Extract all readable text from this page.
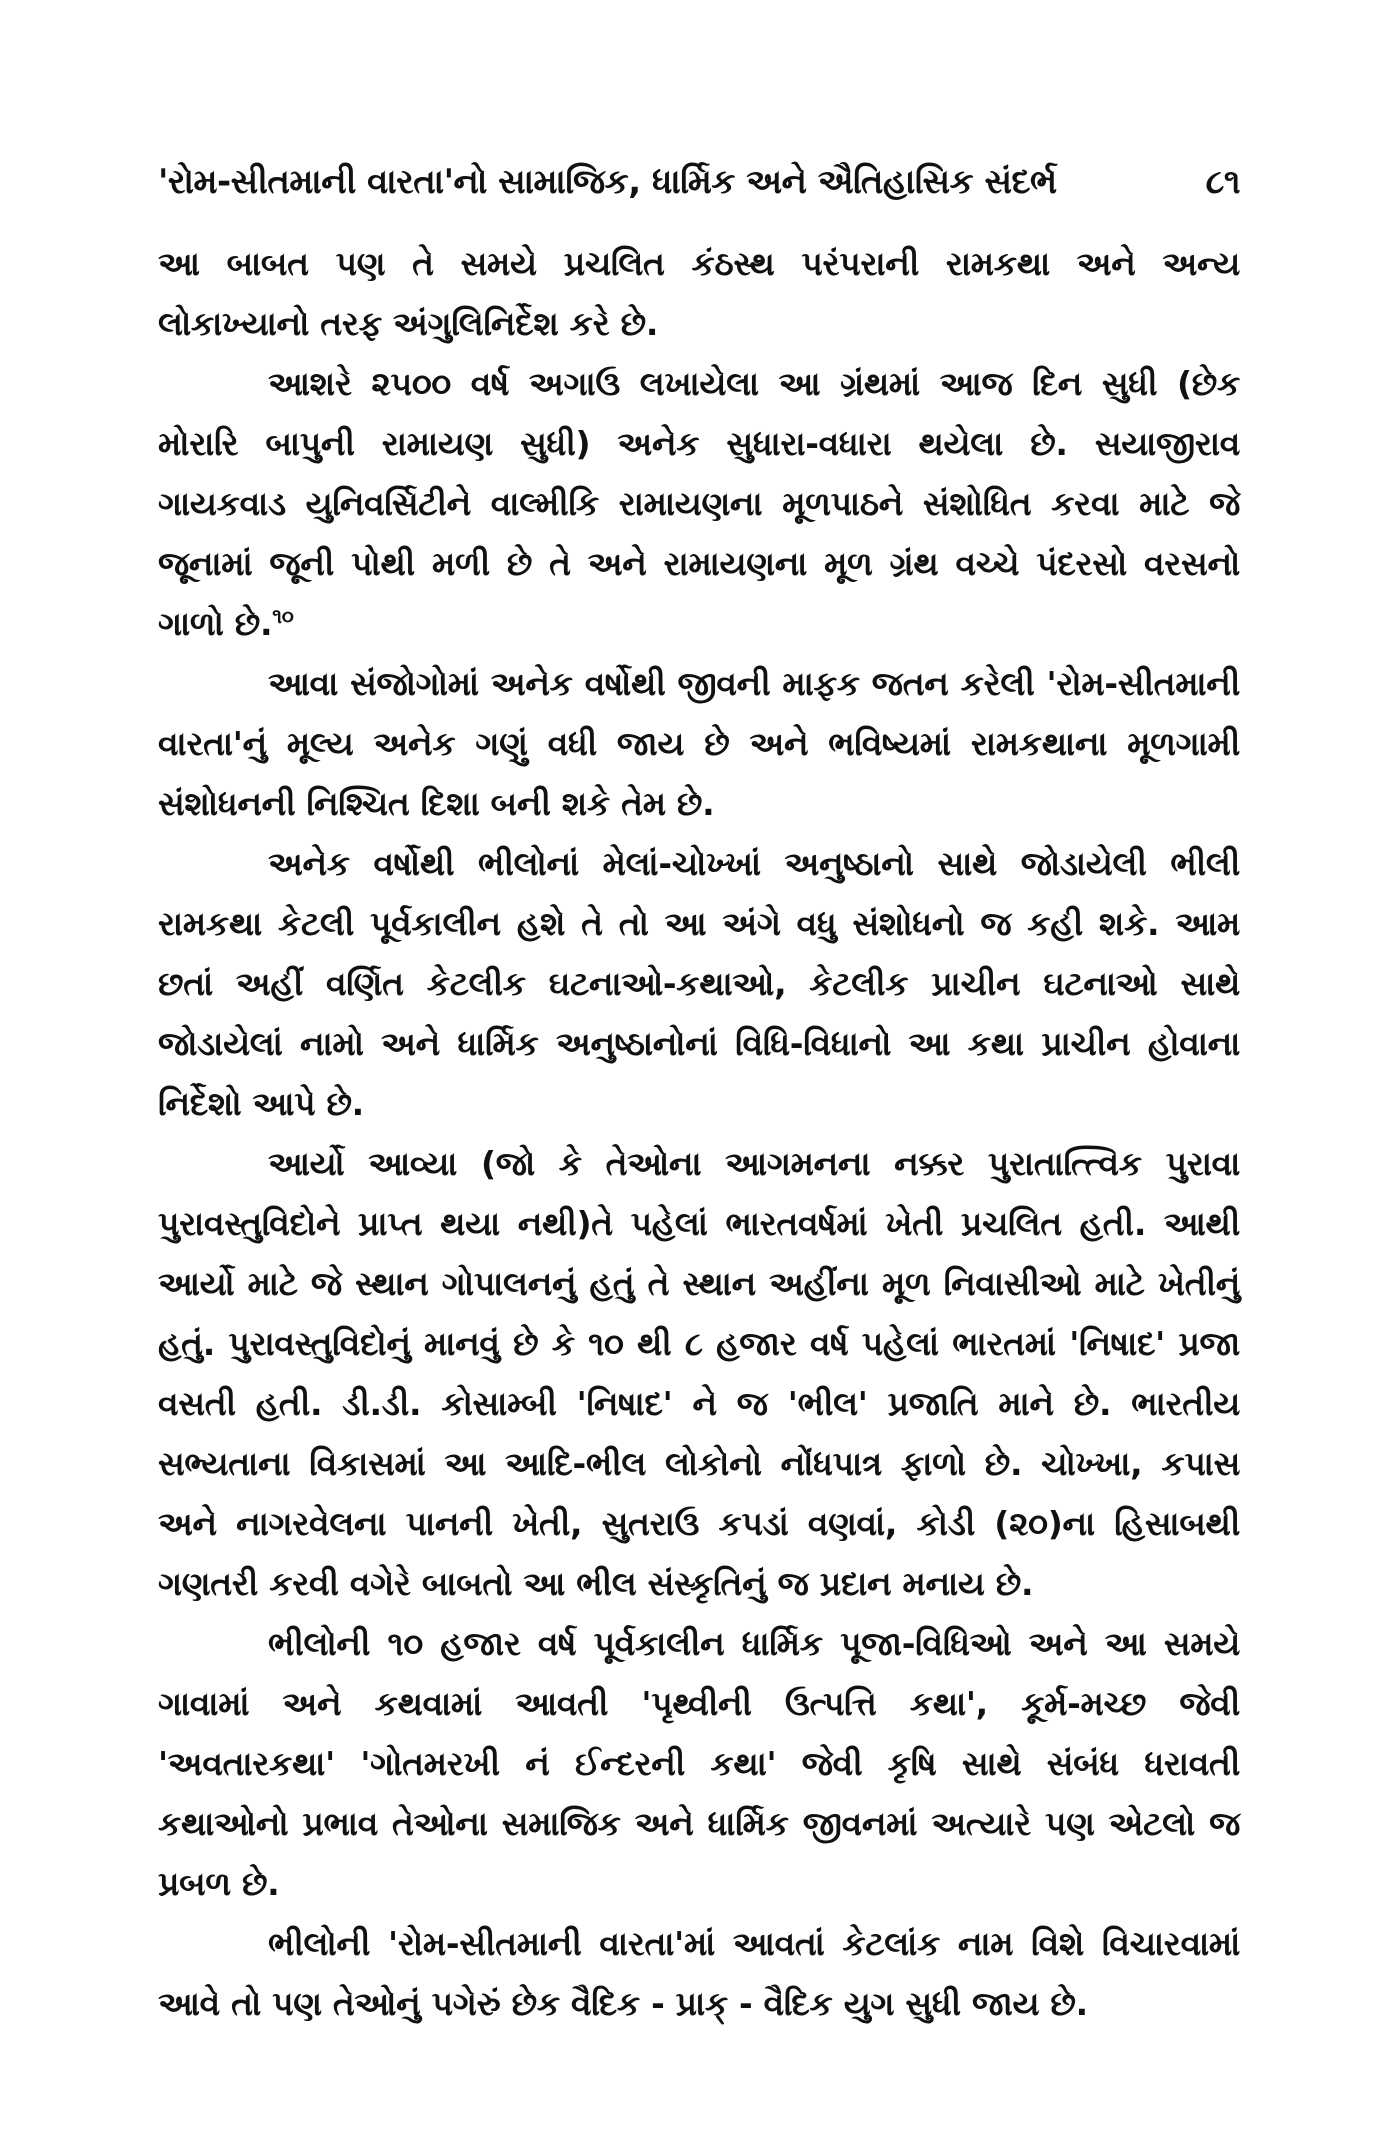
'રોમ-સીતમાની વારતા'નો સામાજિક, ધાર્મિક અને ઐતિહાસિક સંદર્ભ	૮૧

આ બાબત પણ તે સમયે પ્રચલિત કંઠસ્થ પરંપરાની રામકથા અને અન્ય લોકાખ્યાનો તરફ અંગુલિનિર્દેશ કરે છે.

આશરે ૨૫૦૦ વર્ષ અગાઉ લખાયેલા આ ગ્રંથમાં આજ દિન સુધી (છેક મોરારિ બાપુની રામાયણ સુધી) અનેક સુધારા-વધારા થયેલા છે. સયાજીરાવ ગાયકવાડ યુનિવર્સિટીને વાલ્મીકિ રામાયણના મૂળપાઠને સંશોધિત કરવા માટે જે જૂનામાં જૂની પોથી મળી છે તે અને રામાયણના મૂળ ગ્રંથ વચ્ચે પંદરસો વરસનો ગાળો છે.$^{૧૦}$

આવા સંજોગોમાં અનેક વર્ષોથી જીવની માફક જતન કરેલી 'રોમ-સીતમાની વારતા'નું મૂલ્ય અનેક ગણું વધી જાય છે અને ભવિષ્યમાં રામકથાના મૂળગામી સંશોધનની નિશ્ચિત દિશા બની શકે તેમ છે.

અનેક વર્ષોથી ભીલોનાં મેલાં-ચોખ્ખાં અનુષ્ઠાનો સાથે જોડાયેલી ભીલી રામકથા કેટલી પૂર્વકાલીન હશે તે તો આ અંગે વધુ સંશોધનો જ કહી શકે. આમ છતાં અહીં વર્ણિત કેટલીક ઘટનાઓ-કથાઓ, કેટલીક પ્રાચીન ઘટનાઓ સાથે જોડાયેલાં નામો અને ધાર્મિક અનુષ્ઠાનોનાં વિધિ-વિધાનો આ કથા પ્રાચીન હોવાના નિર્દેશો આપે છે.

આર્યો આવ્યા (જો કે તેઓના આગમનના નક્કર પુરાતાત્ત્વિક પુરાવા પુરાવસ્તુવિદોને પ્રાપ્ત થયા નથી)તે પહેલાં ભારતવર્ષમાં ખેતી પ્રચલિત હતી. આથી આર્યો માટે જે સ્થાન ગોપાલનનું હતું તે સ્થાન અહીંના મૂળ નિવાસીઓ માટે ખેતીનું હતું. પુરાવસ્તુવિદોનું માનવું છે કે ૧૦ થી ૮ હજાર વર્ષ પહેલાં ભારતમાં 'નિષાદ' પ્રજા વસતી હતી. ડી.ડી. કોસામ્બી 'નિષાદ' ને જ 'ભીલ' પ્રજાતિ માને છે. ભારતીય સભ્યતાના વિકાસમાં આ આદિ-ભીલ લોકોનો નોંધપાત્ર ફાળો છે. ચોખ્ખા, કપાસ અને નાગરવેલના પાનની ખેતી, સુતરાઉ કપડાં વણવાં, કોડી (૨૦)ના હિસાબથી ગણતરી કરવી વગેરે બાબતો આ ભીલ સંસ્કૃતિનું જ પ્રદાન મનાય છે.

ભીલોની ૧૦ હજાર વર્ષ પૂર્વકાલીન ધાર્મિક પૂજા-વિધિઓ અને આ સમયે ગાવામાં અને કથવામાં આવતી 'પૃથ્વીની ઉત્પત્તિ કથા', કૂર્મ-મચ્છ જેવી 'અવતારકથા' 'ગોતમરખી નં ઈન્દરની કથા' જેવી કૃષિ સાથે સંબંધ ધરાવતી કથાઓનો પ્રભાવ તેઓના સમાજિક અને ધાર્મિક જીવનમાં અત્યારે પણ એટલો જ પ્રબળ છે.

ભીલોની 'રોમ-સીતમાની વારતા'માં આવતાં કેટલાંક નામ વિશે વિચારવામાં આવે તો પણ તેઓનું પગેરું છેક વૈદિક - પ્રાક્ - વૈદિક યુગ સુધી જાય છે.
